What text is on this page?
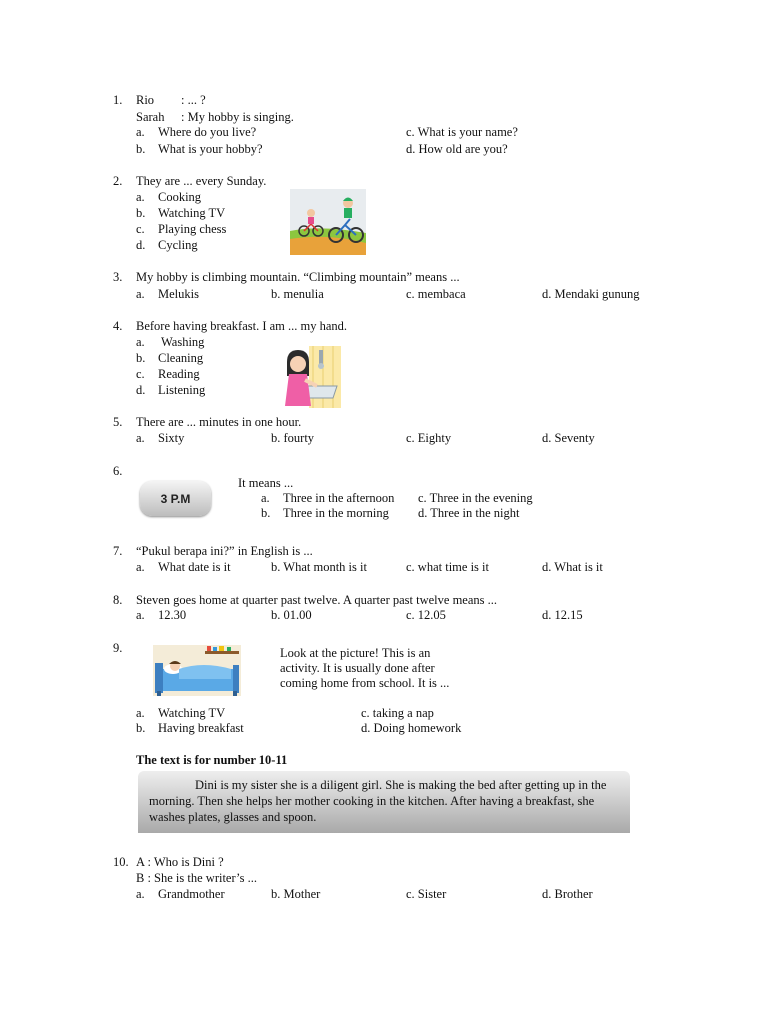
1. Rio : ... ?
Sarah : My hobby is singing.
a. Where do you live?	c. What is your name?
b. What is your hobby?	d. How old are you?
2. They are ... every Sunday.
a. Cooking
b. Watching TV
c. Playing chess
d. Cycling
3. My hobby is climbing mountain. “Climbing mountain” means ...
a. Melukis	b. menulia	c. membaca	d. Mendaki gunung
4. Before having breakfast. I am ... my hand.
a. Washing
b. Cleaning
c. Reading
d. Listening
5. There are ... minutes in one hour.
a. Sixty	b. fourty	c. Eighty	d. Seventy
6.
3 P.M
It means ...
a. Three in the afternoon c. Three in the evening
b. Three in the morning d. Three in the night
7. “Pukul berapa ini?” in English is ...
a. What date is it	b. What month is it	c. what time is it	d. What is it
8. Steven goes home at quarter past twelve. A quarter past twelve means ...
a. 12.30	b. 01.00	c. 12.05	d. 12.15
9.	Look at the picture! This is an
activity. It is usually done after
coming home from school. It is ...
a. Watching TV	c. taking a nap
b. Having breakfast	d. Doing homework
The text is for number 10-11

Dini is my sister she is a diligent girl. She is making the bed after getting up in the morning. Then she helps her mother cooking in the kitchen. After having a breakfast, she washes plates, glasses and spoon.

10. A : Who is Dini ?
B : She is the writer’s ...
a. Grandmother	b. Mother	c. Sister	d. Brother
